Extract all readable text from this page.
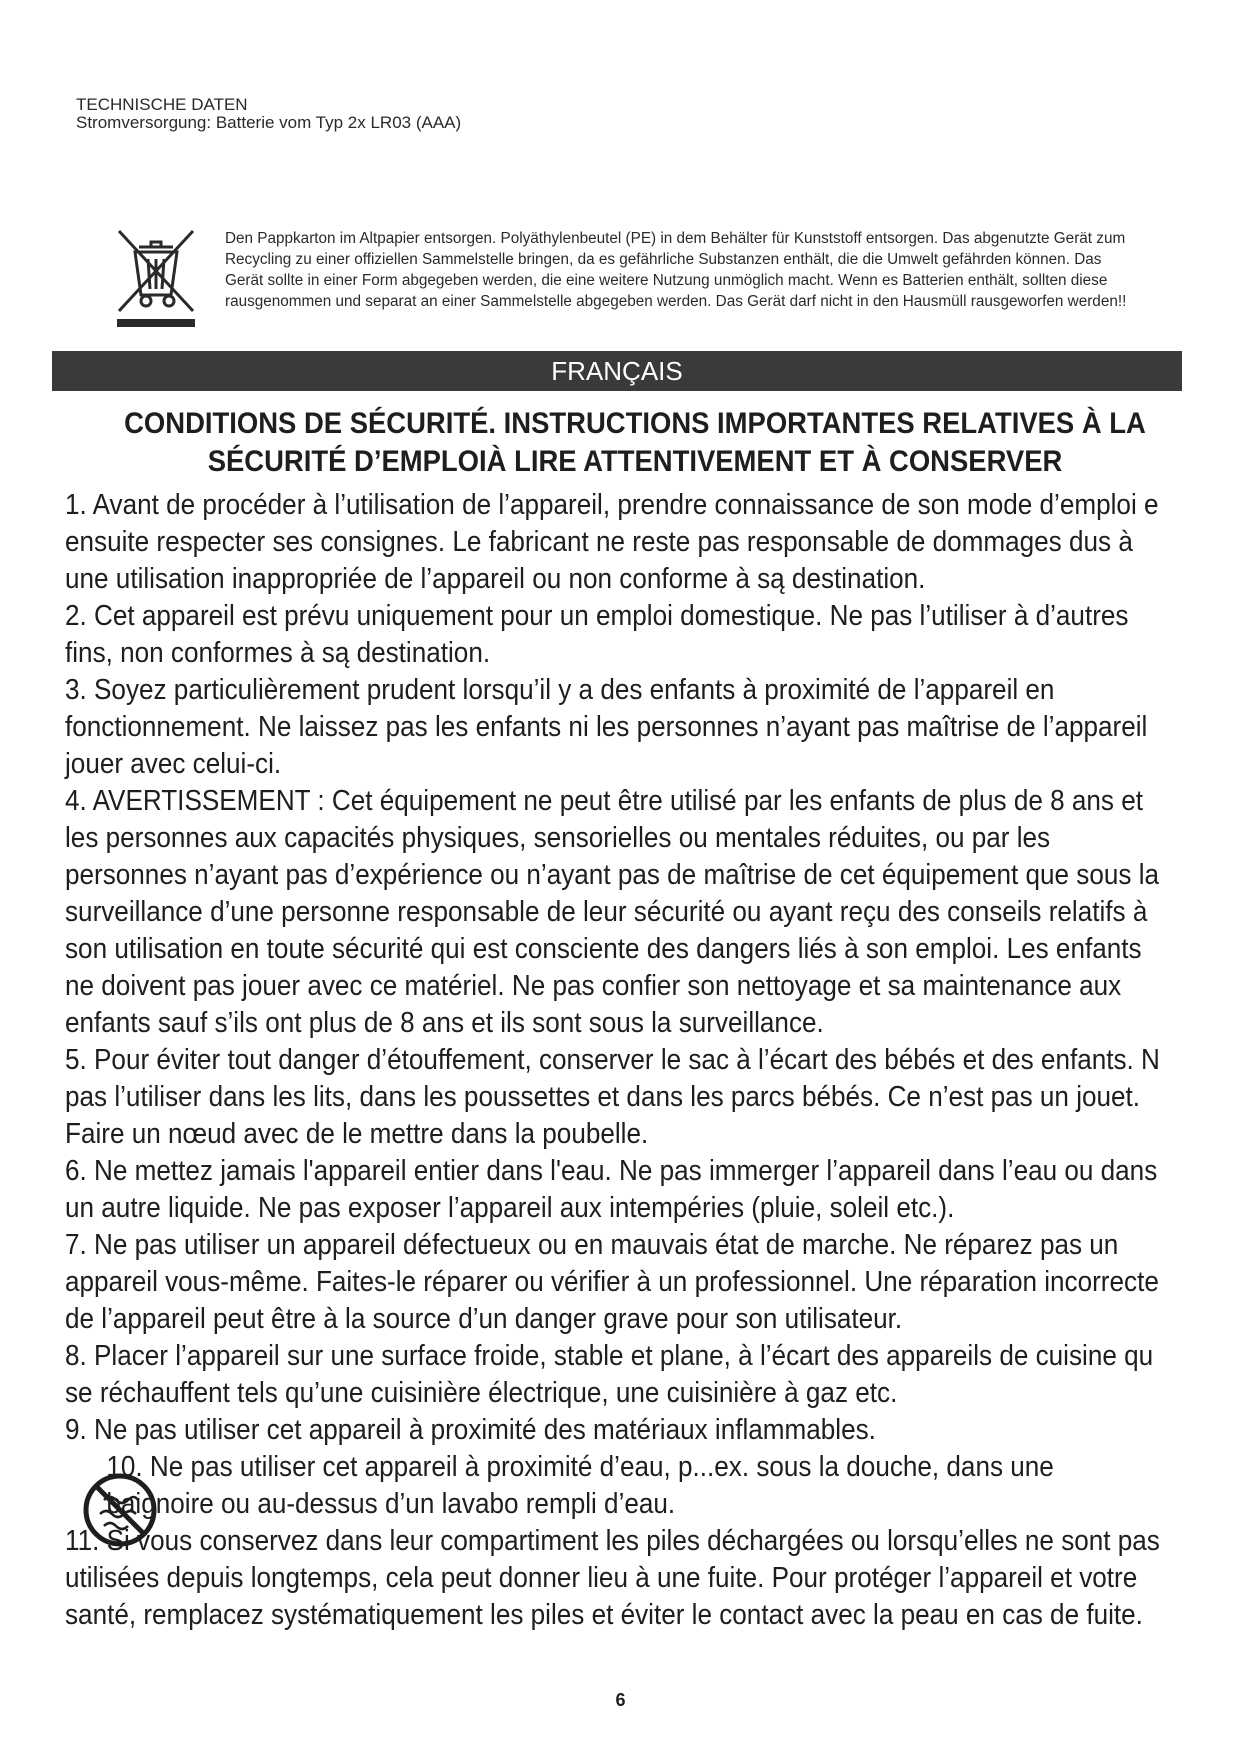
TECHNISCHE DATEN
Stromversorgung: Batterie vom Typ 2x LR03 (AAA)
Den Pappkarton im Altpapier entsorgen. Polyäthylenbeutel (PE) in dem Behälter für Kunststoff entsorgen. Das abgenutzte Gerät zum
Recycling zu einer offiziellen Sammelstelle bringen, da es gefährliche Substanzen enthält, die die Umwelt gefährden können. Das
Gerät sollte in einer Form abgegeben werden, die eine weitere Nutzung unmöglich macht. Wenn es Batterien enthält, sollten diese
rausgenommen und separat an einer Sammelstelle abgegeben werden. Das Gerät darf nicht in den Hausmüll rausgeworfen werden!!
FRANÇAIS
CONDITIONS DE SÉCURITÉ. INSTRUCTIONS IMPORTANTES RELATIVES À LA
SÉCURITÉ D’EMPLOIÀ LIRE ATTENTIVEMENT ET À CONSERVER
1. Avant de procéder à l’utilisation de l’appareil, prendre connaissance de son mode d’emploi e
ensuite respecter ses consignes. Le fabricant ne reste pas responsable de dommages dus à
une utilisation inappropriée de l’appareil ou non conforme à są destination.
2. Cet appareil est prévu uniquement pour un emploi domestique. Ne pas l’utiliser à d’autres
fins, non conformes à są destination.
3. Soyez particulièrement prudent lorsqu’il y a des enfants à proximité de l’appareil en
fonctionnement. Ne laissez pas les enfants ni les personnes n’ayant pas maîtrise de l’appareil
jouer avec celui-ci.
4. AVERTISSEMENT : Cet équipement ne peut être utilisé par les enfants de plus de 8 ans et
les personnes aux capacités physiques, sensorielles ou mentales réduites, ou par les
personnes n’ayant pas d’expérience ou n’ayant pas de maîtrise de cet équipement que sous la
surveillance d’une personne responsable de leur sécurité ou ayant reçu des conseils relatifs à
son utilisation en toute sécurité qui est consciente des dangers liés à son emploi. Les enfants
ne doivent pas jouer avec ce matériel. Ne pas confier son nettoyage et sa maintenance aux
enfants sauf s’ils ont plus de 8 ans et ils sont sous la surveillance.
5. Pour éviter tout danger d’étouffement, conserver le sac à l’écart des bébés et des enfants. N
pas l’utiliser dans les lits, dans les poussettes et dans les parcs bébés. Ce n’est pas un jouet.
Faire un nœud avec de le mettre dans la poubelle.
6. Ne mettez jamais l'appareil entier dans l'eau. Ne pas immerger l’appareil dans l’eau ou dans
un autre liquide. Ne pas exposer l’appareil aux intempéries (pluie, soleil etc.).
7. Ne pas utiliser un appareil défectueux ou en mauvais état de marche. Ne réparez pas un
appareil vous-même. Faites-le réparer ou vérifier à un professionnel. Une réparation incorrecte
de l’appareil peut être à la source d’un danger grave pour son utilisateur.
8. Placer l’appareil sur une surface froide, stable et plane, à l’écart des appareils de cuisine qu
se réchauffent tels qu’une cuisinière électrique, une cuisinière à gaz etc.
9. Ne pas utiliser cet appareil à proximité des matériaux inflammables.
10. Ne pas utiliser cet appareil à proximité d’eau, p...ex. sous la douche, dans une
baignoire ou au-dessus d’un lavabo rempli d’eau.
11. Si vous conservez dans leur compartiment les piles déchargées ou lorsqu’elles ne sont pas
utilisées depuis longtemps, cela peut donner lieu à une fuite. Pour protéger l’appareil et votre
santé, remplacez systématiquement les piles et éviter le contact avec la peau en cas de fuite.
6
